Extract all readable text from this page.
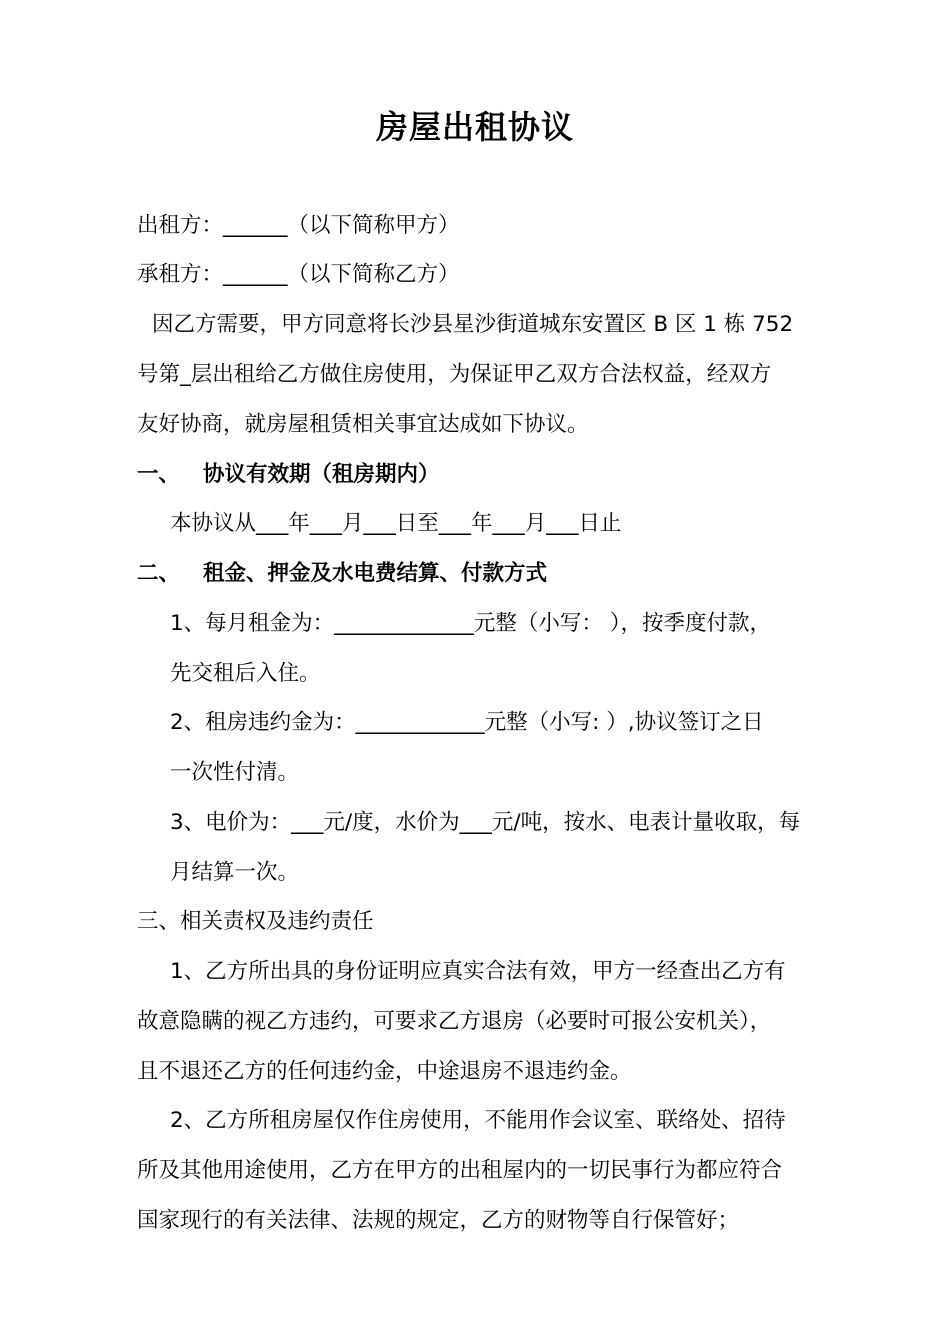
房屋出租协议
出租方：______（以下简称甲方）
承租方：______（以下简称乙方）
因乙方需要，甲方同意将长沙县星沙街道城东安置区 B 区 1 栋 752
号第_层出租给乙方做住房使用，为保证甲乙双方合法权益，经双方
友好协商，就房屋租赁相关事宜达成如下协议。
一、 协议有效期（租房期内）
本协议从___年___月___日至___年___月___日止
二、 租金、押金及水电费结算、付款方式
1、每月租金为：_____________元整（小写： ），按季度付款，
先交租后入住。
2、租房违约金为：____________元整（小写: ）,协议签订之日
一次性付清。
3、电价为：___元/度，水价为___元/吨，按水、电表计量收取，每
月结算一次。
三、相关责权及违约责任
1、乙方所出具的身份证明应真实合法有效，甲方一经查出乙方有
故意隐瞒的视乙方违约，可要求乙方退房（必要时可报公安机关），
且不退还乙方的任何违约金，中途退房不退违约金。
2、乙方所租房屋仅作住房使用，不能用作会议室、联络处、招待
所及其他用途使用，乙方在甲方的出租屋内的一切民事行为都应符合
国家现行的有关法律、法规的规定，乙方的财物等自行保管好；
